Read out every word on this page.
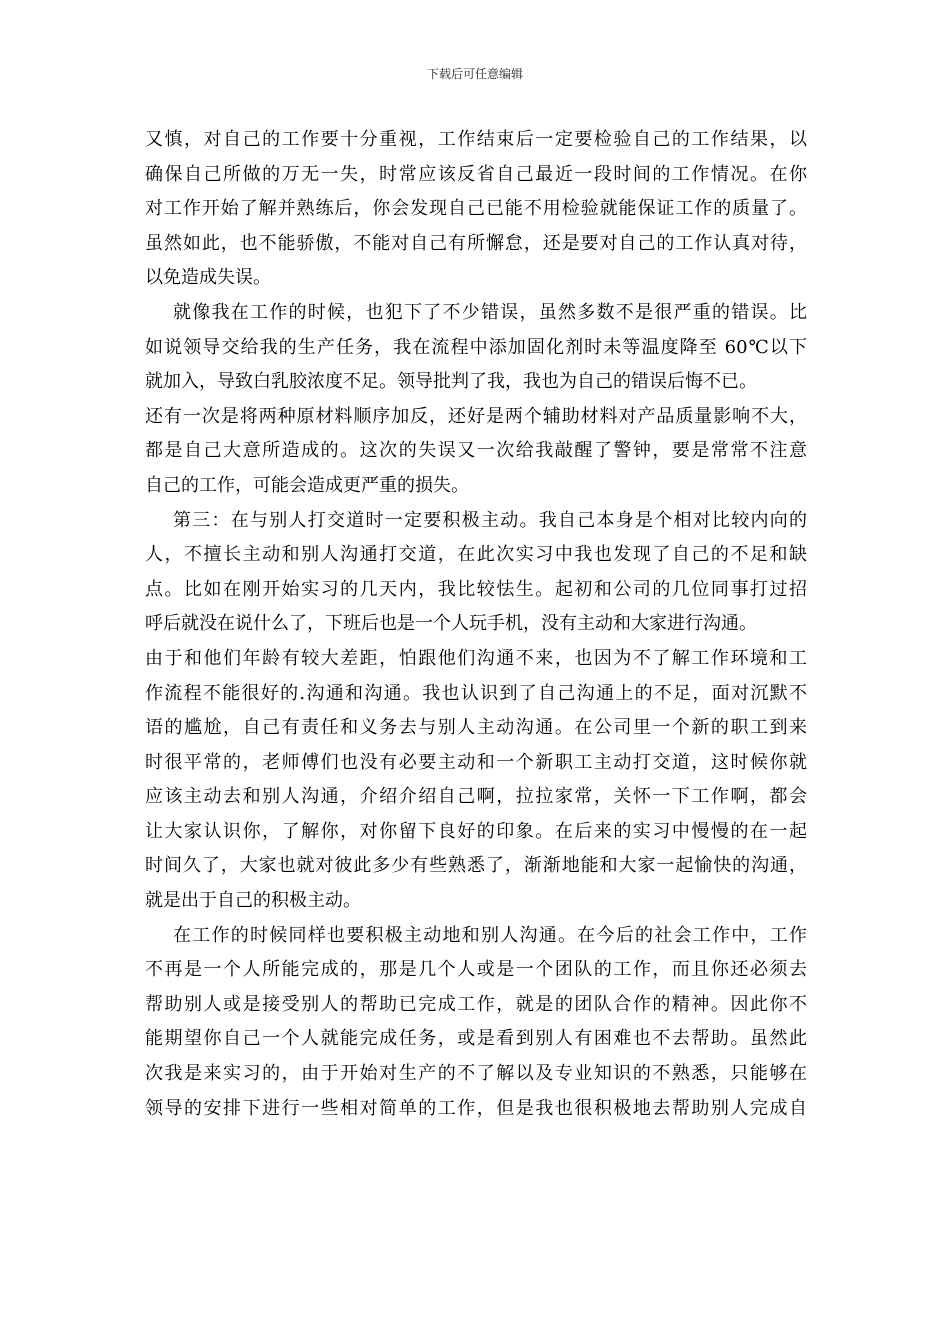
下载后可任意编辑
又慎，对自己的工作要十分重视，工作结束后一定要检验自己的工作结果，以
确保自己所做的万无一失，时常应该反省自己最近一段时间的工作情况。在你
对工作开始了解并熟练后，你会发现自己已能不用检验就能保证工作的质量了。
虽然如此，也不能骄傲，不能对自己有所懈怠，还是要对自己的工作认真对待，
以免造成失误。
就像我在工作的时候，也犯下了不少错误，虽然多数不是很严重的错误。比
如说领导交给我的生产任务，我在流程中添加固化剂时未等温度降至 60℃以下
就加入，导致白乳胶浓度不足。领导批判了我，我也为自己的错误后悔不已。
还有一次是将两种原材料顺序加反，还好是两个辅助材料对产品质量影响不大，
都是自己大意所造成的。这次的失误又一次给我敲醒了警钟，要是常常不注意
自己的工作，可能会造成更严重的损失。
第三：在与别人打交道时一定要积极主动。我自己本身是个相对比较内向的
人，不擅长主动和别人沟通打交道，在此次实习中我也发现了自己的不足和缺
点。比如在刚开始实习的几天内，我比较怯生。起初和公司的几位同事打过招
呼后就没在说什么了，下班后也是一个人玩手机，没有主动和大家进行沟通。
由于和他们年龄有较大差距，怕跟他们沟通不来，也因为不了解工作环境和工
作流程不能很好的.沟通和沟通。我也认识到了自己沟通上的不足，面对沉默不
语的尴尬，自己有责任和义务去与别人主动沟通。在公司里一个新的职工到来
时很平常的，老师傅们也没有必要主动和一个新职工主动打交道，这时候你就
应该主动去和别人沟通，介绍介绍自己啊，拉拉家常，关怀一下工作啊，都会
让大家认识你，了解你，对你留下良好的印象。在后来的实习中慢慢的在一起
时间久了，大家也就对彼此多少有些熟悉了，渐渐地能和大家一起愉快的沟通，
就是出于自己的积极主动。
在工作的时候同样也要积极主动地和别人沟通。在今后的社会工作中，工作
不再是一个人所能完成的，那是几个人或是一个团队的工作，而且你还必须去
帮助别人或是接受别人的帮助已完成工作，就是的团队合作的精神。因此你不
能期望你自己一个人就能完成任务，或是看到别人有困难也不去帮助。虽然此
次我是来实习的，由于开始对生产的不了解以及专业知识的不熟悉，只能够在
领导的安排下进行一些相对简单的工作，但是我也很积极地去帮助别人完成自
